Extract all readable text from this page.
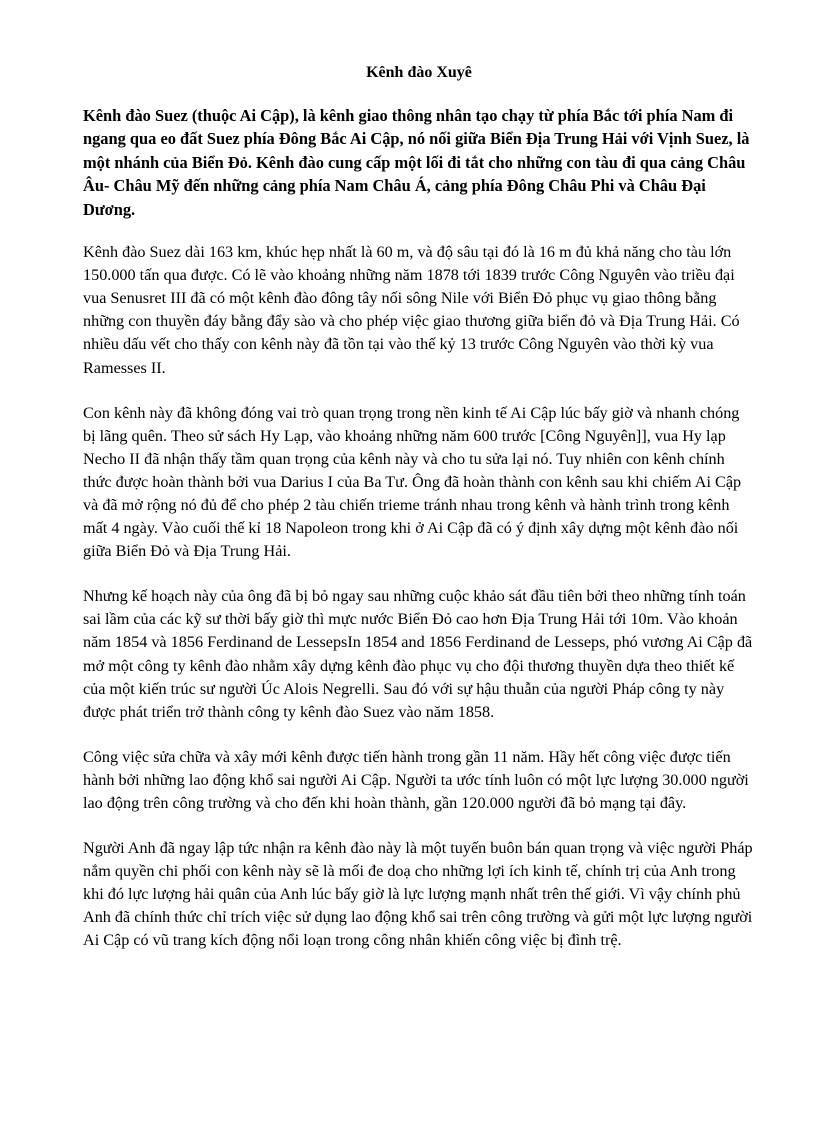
Kênh đào Xuyê

Kênh đào Suez (thuộc Ai Cập), là kênh giao thông nhân tạo chạy từ phía Bắc tới phía Nam đi ngang qua eo đất Suez phía Đông Bắc Ai Cập, nó nối giữa Biển Địa Trung Hải với Vịnh Suez, là một nhánh của Biển Đỏ. Kênh đào cung cấp một lối đi tắt cho những con tàu đi qua cảng Châu Âu- Châu Mỹ đến những cảng phía Nam Châu Á, cảng phía Đông Châu Phi và Châu Đại Dương.

Kênh đào Suez dài 163 km, khúc hẹp nhất là 60 m, và độ sâu tại đó là 16 m đủ khả năng cho tàu lớn 150.000 tấn qua được. Có lẽ vào khoảng những năm 1878 tới 1839 trước Công Nguyên vào triều đại vua Senusret III đã có một kênh đào đông tây nối sông Nile với Biển Đỏ phục vụ giao thông bằng những con thuyền đáy bằng đẩy sào và cho phép việc giao thương giữa biển đỏ và Địa Trung Hải. Có nhiều dấu vết cho thấy con kênh này đã tồn tại vào thế kỷ 13 trước Công Nguyên vào thời kỳ vua Ramesses II.

Con kênh này đã không đóng vai trò quan trọng trong nền kinh tế Ai Cập lúc bấy giờ và nhanh chóng bị lãng quên. Theo sử sách Hy Lạp, vào khoảng những năm 600 trước [Công Nguyên]], vua Hy lạp Necho II đã nhận thấy tầm quan trọng của kênh này và cho tu sửa lại nó. Tuy nhiên con kênh chính thức được hoàn thành bởi vua Darius I của Ba Tư. Ông đã hoàn thành con kênh sau khi chiếm Ai Cập và đã mở rộng nó đủ để cho phép 2 tàu chiến trieme tránh nhau trong kênh và hành trình trong kênh mất 4 ngày. Vào cuối thế kỉ 18 Napoleon trong khi ở Ai Cập đã có ý định xây dựng một kênh đào nối giữa Biển Đỏ và Địa Trung Hải.

Nhưng kế hoạch này của ông đã bị bỏ ngay sau những cuộc khảo sát đầu tiên bởi theo những tính toán sai lầm của các kỹ sư thời bấy giờ thì mực nước Biển Đỏ cao hơn Địa Trung Hải tới 10m. Vào khoản năm 1854 và 1856 Ferdinand de LessepsIn 1854 and 1856 Ferdinand de Lesseps, phó vương Ai Cập đã mở một công ty kênh đào nhằm xây dựng kênh đào phục vụ cho đội thương thuyền dựa theo thiết kế của một kiến trúc sư người Úc Alois Negrelli. Sau đó với sự hậu thuẫn của người Pháp công ty này được phát triển trở thành công ty kênh đào Suez vào năm 1858.

Công việc sửa chữa và xây mới kênh được tiến hành trong gần 11 năm. Hầy hết công việc được tiến hành bởi những lao động khổ sai người Ai Cập. Người ta ước tính luôn có một lực lượng 30.000 người lao động trên công trường và cho đến khi hoàn thành, gần 120.000 người đã bỏ mạng tại đây.

Người Anh đã ngay lập tức nhận ra kênh đào này là một tuyến buôn bán quan trọng và việc người Pháp nắm quyền chi phối con kênh này sẽ là mối đe doạ cho những lợi ích kinh tế, chính trị của Anh trong khi đó lực lượng hải quân của Anh lúc bấy giờ là lực lượng mạnh nhất trên thế giới. Vì vậy chính phủ Anh đã chính thức chỉ trích việc sử dụng lao động khổ sai trên công trường và gửi một lực lượng người Ai Cập có vũ trang kích động nổi loạn trong công nhân khiến công việc bị đình trệ.
